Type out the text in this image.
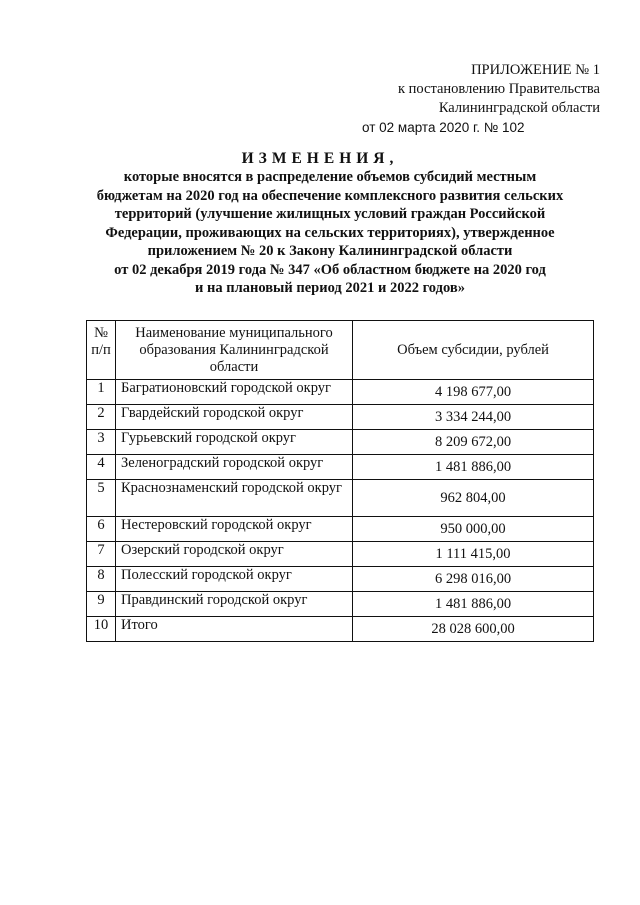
ПРИЛОЖЕНИЕ № 1
к постановлению Правительства
Калининградской области
от 02 марта 2020 г. № 102
ИЗМЕНЕНИЯ,
которые вносятся в распределение объемов субсидий местным
бюджетам на 2020 год на обеспечение комплексного развития сельских
территорий (улучшение жилищных условий граждан Российской
Федерации, проживающих на сельских территориях), утвержденное
приложением № 20 к Закону Калининградской области
от 02 декабря 2019 года № 347 «Об областном бюджете на 2020 год
и на плановый период 2021 и 2022 годов»
№ п/п	Наименование муниципального образования Калининградской области	Объем субсидии, рублей
1	Багратионовский городской округ	4 198 677,00
2	Гвардейский городской округ	3 334 244,00
3	Гурьевский городской округ	8 209 672,00
4	Зеленоградский городской округ	1 481 886,00
5	Краснознаменский городской округ	962 804,00
6	Нестеровский городской округ	950 000,00
7	Озерский городской округ	1 111 415,00
8	Полесский городской округ	6 298 016,00
9	Правдинский городской округ	1 481 886,00
10	Итого	28 028 600,00
